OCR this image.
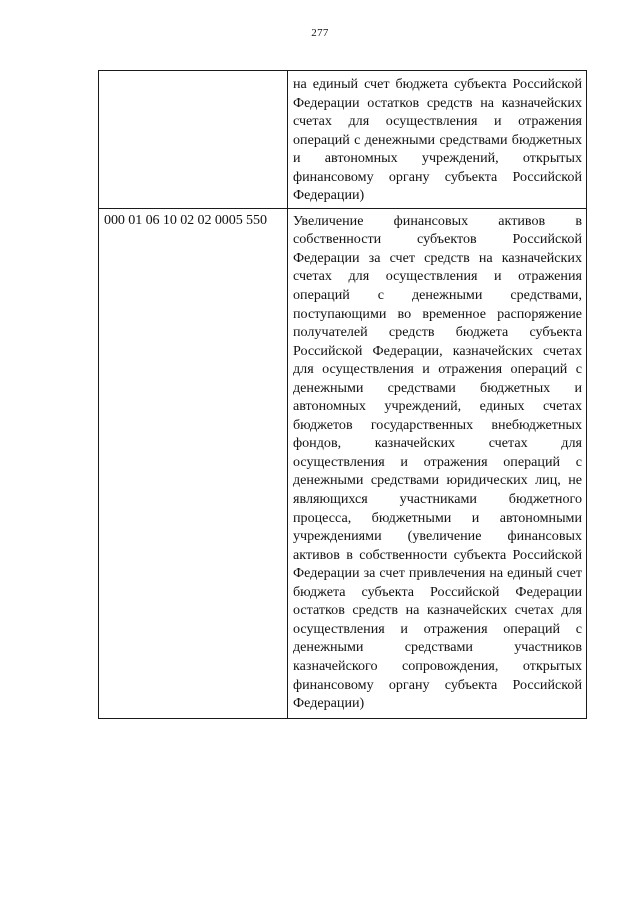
277
	на единый счет бюджета субъекта Российской Федерации остатков средств на казначейских счетах для осуществления и отражения операций с денежными средствами бюджетных и автономных учреждений, открытых финансовому органу субъекта Российской Федерации)
000 01 06 10 02 02 0005 550	Увеличение финансовых активов в собственности субъектов Российской Федерации за счет средств на казначейских счетах для осуществления и отражения операций с денежными средствами, поступающими во временное распоряжение получателей средств бюджета субъекта Российской Федерации, казначейских счетах для осуществления и отражения операций с денежными средствами бюджетных и автономных учреждений, единых счетах бюджетов государственных внебюджетных фондов, казначейских счетах для осуществления и отражения операций с денежными средствами юридических лиц, не являющихся участниками бюджетного процесса, бюджетными и автономными учреждениями (увеличение финансовых активов в собственности субъекта Российской Федерации за счет привлечения на единый счет бюджета субъекта Российской Федерации остатков средств на казначейских счетах для осуществления и отражения операций с денежными средствами участников казначейского сопровождения, открытых финансовому органу субъекта Российской Федерации)
